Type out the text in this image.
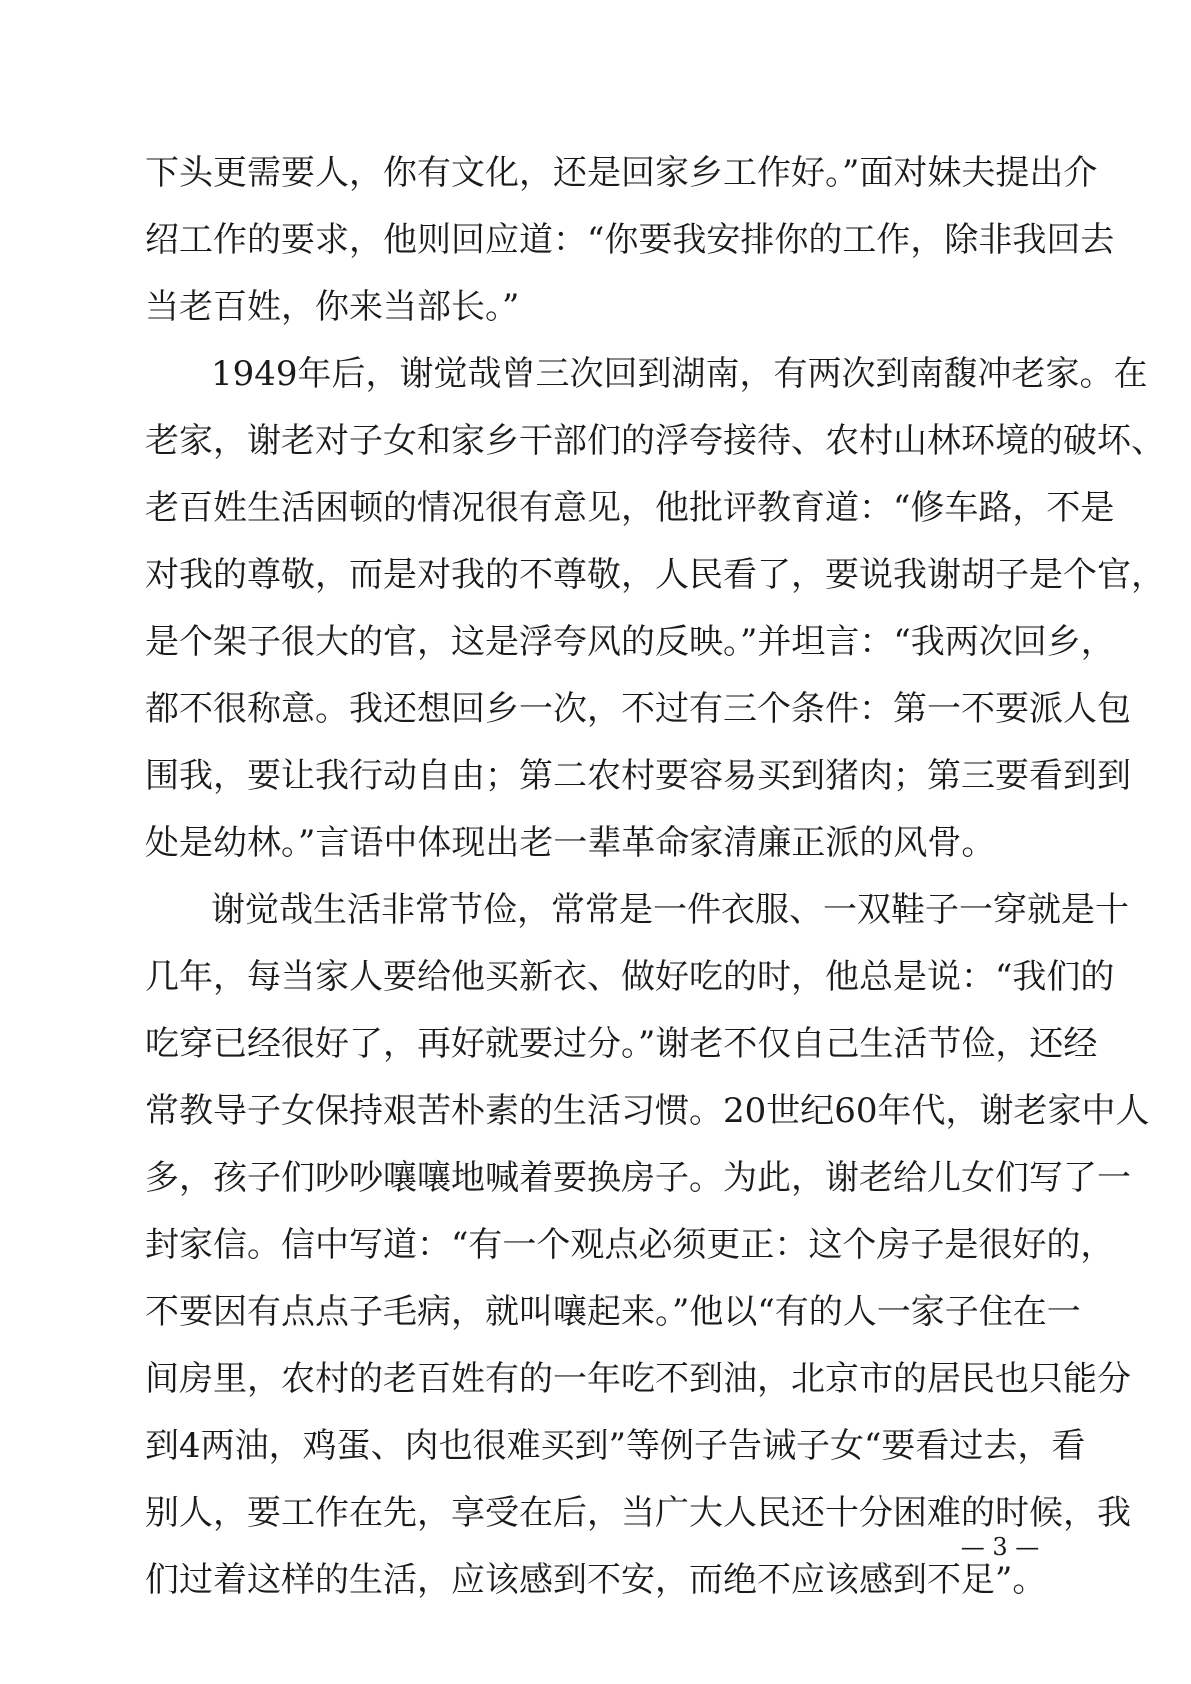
下头更需要人，你有文化，还是回家乡工作好。”面对妹夫提出介
绍工作的要求，他则回应道：“你要我安排你的工作，除非我回去
当老百姓，你来当部长。”
1949年后，谢觉哉曾三次回到湖南，有两次到南馥冲老家。在
老家，谢老对子女和家乡干部们的浮夸接待、农村山林环境的破坏、
老百姓生活困顿的情况很有意见，他批评教育道：“修车路，不是
对我的尊敬，而是对我的不尊敬，人民看了，要说我谢胡子是个官，
是个架子很大的官，这是浮夸风的反映。”并坦言：“我两次回乡，
都不很称意。我还想回乡一次，不过有三个条件：第一不要派人包
围我，要让我行动自由；第二农村要容易买到猪肉；第三要看到到
处是幼林。”言语中体现出老一辈革命家清廉正派的风骨。
谢觉哉生活非常节俭，常常是一件衣服、一双鞋子一穿就是十
几年，每当家人要给他买新衣、做好吃的时，他总是说：“我们的
吃穿已经很好了，再好就要过分。”谢老不仅自己生活节俭，还经
常教导子女保持艰苦朴素的生活习惯。20世纪60年代，谢老家中人
多，孩子们吵吵嚷嚷地喊着要换房子。为此，谢老给儿女们写了一
封家信。信中写道：“有一个观点必须更正：这个房子是很好的，
不要因有点点子毛病，就叫嚷起来。”他以“有的人一家子住在一
间房里，农村的老百姓有的一年吃不到油，北京市的居民也只能分
到4两油，鸡蛋、肉也很难买到”等例子告诫子女“要看过去，看
别人，要工作在先，享受在后，当广大人民还十分困难的时候，我
们过着这样的生活，应该感到不安，而绝不应该感到不足”。
— 3 —
